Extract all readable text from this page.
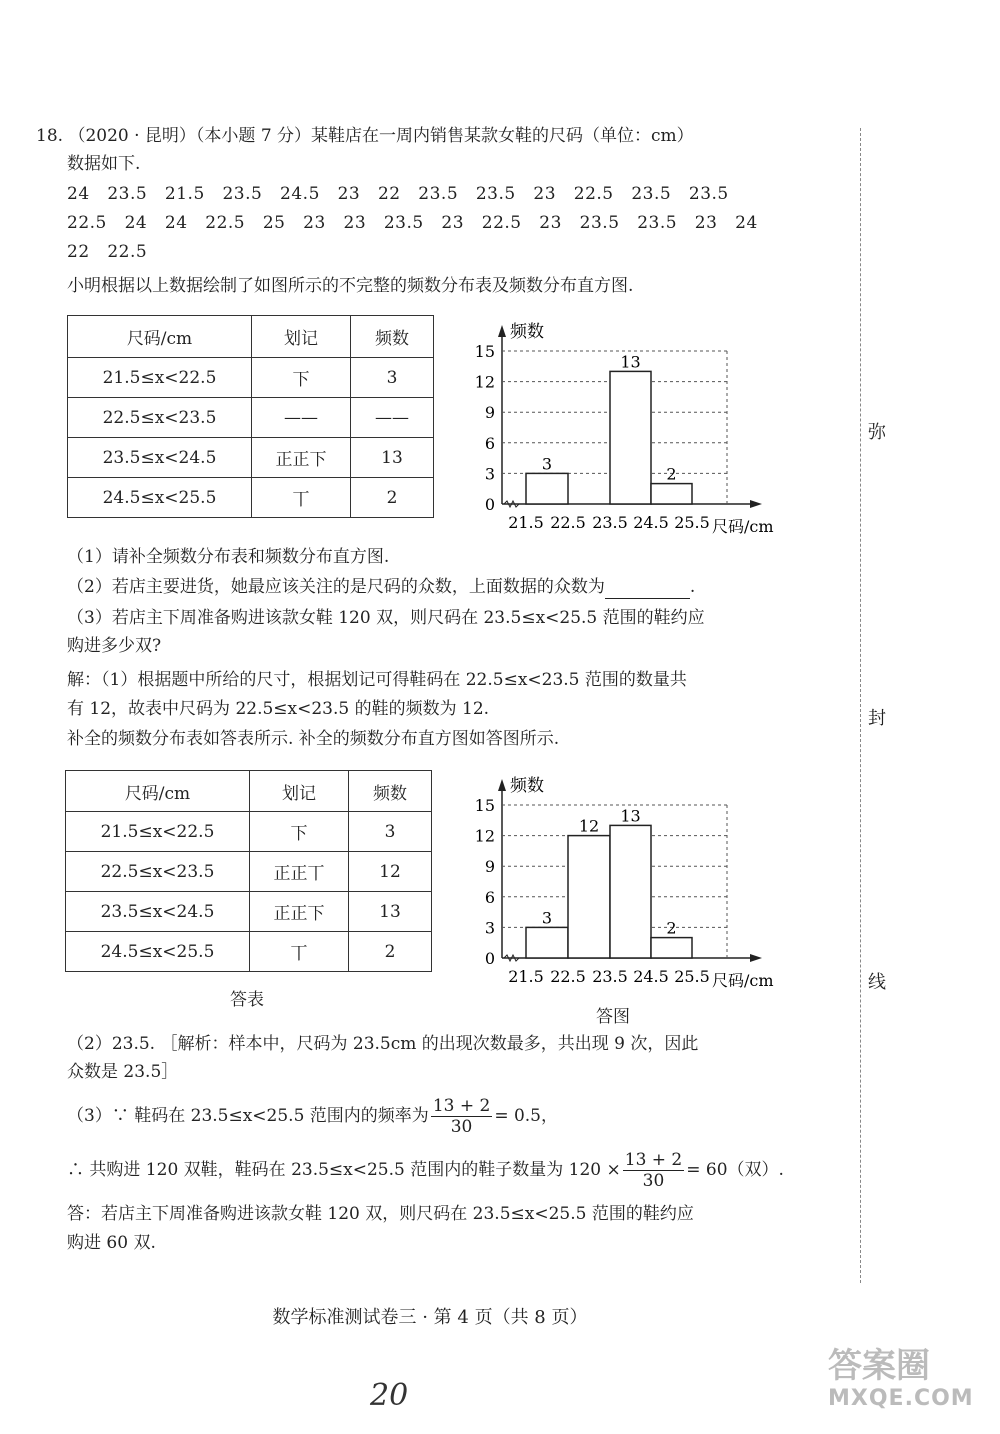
18. （2020 · 昆明）（本小题 7 分）某鞋店在一周内销售某款女鞋的尺码（单位：cm）
数据如下.
24   23.5   21.5   23.5   24.5   23   22   23.5   23.5   23   22.5   23.5   23.5
22.5   24   24   22.5   25   23   23   23.5   23   22.5   23   23.5   23.5   23   24
22   22.5
小明根据以上数据绘制了如图所示的不完整的频数分布表及频数分布直方图.
尺码/cm	划记	频数
21.5≤x<22.5	下	3
22.5≤x<23.5	——	——
23.5≤x<24.5	正正下	13
24.5≤x<25.5	丅	2
频数
0
3
6
9
12
15
21.5 22.5 23.5 24.5 25.5 尺码/cm
3
13
2
（1）请补全频数分布表和频数分布直方图.
（2）若店主要进货，她最应该关注的是尺码的众数，上面数据的众数为	.
（3）若店主下周准备购进该款女鞋 120 双，则尺码在 23.5≤x<25.5 范围的鞋约应
购进多少双?
解：（1）根据题中所给的尺寸，根据划记可得鞋码在 22.5≤x<23.5 范围的数量共
有 12，故表中尺码为 22.5≤x<23.5 的鞋的频数为 12.
补全的频数分布表如答表所示. 补全的频数分布直方图如答图所示.
尺码/cm	划记	频数
21.5≤x<22.5	下	3
22.5≤x<23.5	正正丅	12
23.5≤x<24.5	正正下	13
24.5≤x<25.5	丅	2
答表
频数
0
3
6
9
12
15
21.5 22.5 23.5 24.5 25.5 尺码/cm
3
12
13
2
答图
（2）23.5. ［解析：样本中，尺码为 23.5cm 的出现次数最多，共出现 9 次，因此
众数是 23.5］
（3）∵ 鞋码在 23.5≤x<25.5 范围内的频率为 $\frac{13 + 2}{30} = 0.5$，
∴ 共购进 120 双鞋，鞋码在 23.5≤x<25.5 范围内的鞋子数量为 $120 \times \frac{13 + 2}{30} = 60$（双）.
答：若店主下周准备购进该款女鞋 120 双，则尺码在 23.5≤x<25.5 范围的鞋约应
购进 60 双.
弥
封
线
数学标准测试卷三 · 第 4 页（共 8 页）
20
答案圈
MXQE.COM
